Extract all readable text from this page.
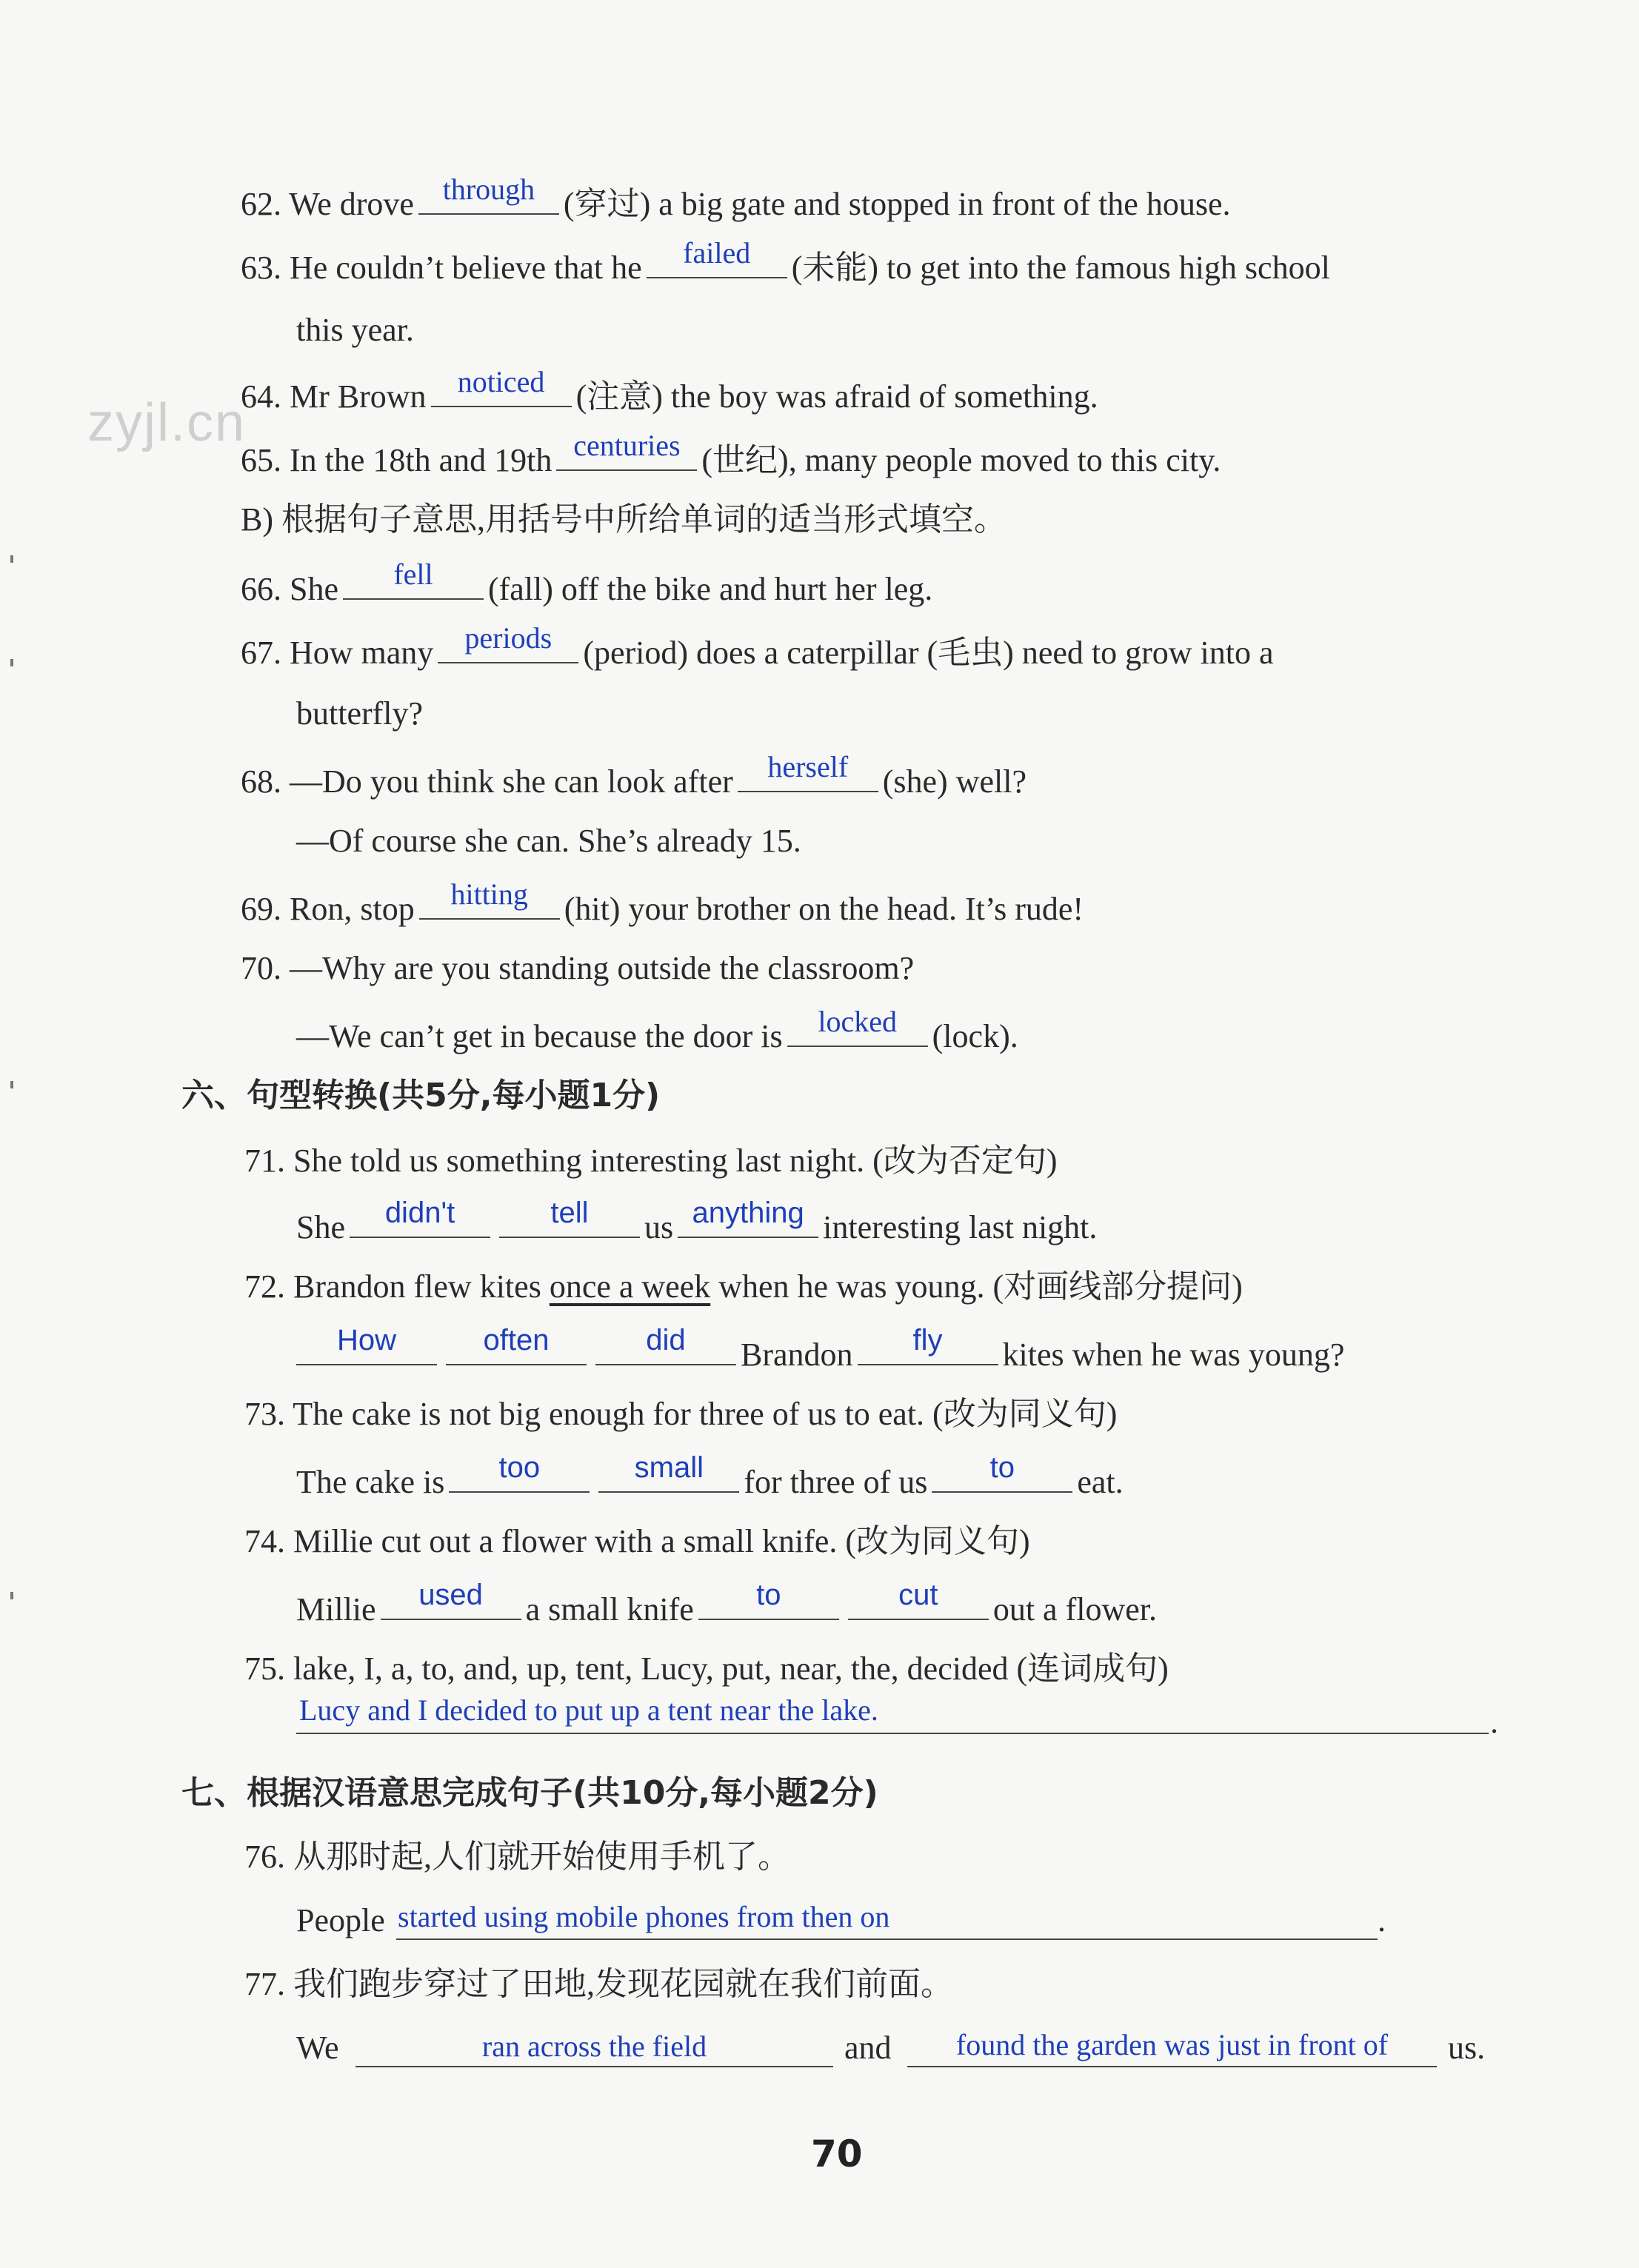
zyjl.cn
62. We drove through (穿过) a big gate and stopped in front of the house.
63. He couldn’t believe that he	failed	(未能) to get into the famous high school
this year.
64. Mr Brown	noticed (注意) the boy was afraid of something.
65. In the 18th and 19th centuries (世纪), many people moved to this city.
B) 根据句子意思,用括号中所给单词的适当形式填空。
66. She	fell	(fall) off the bike and hurt her leg.
67. How many	periods (period) does a caterpillar (毛虫) need to grow into a
butterfly?
68. —Do you think she can look after	herself	(she) well?
—Of course she can. She’s already 15.
69. Ron, stop	hitting	(hit) your brother on the head. It’s rude!
70. —Why are you standing outside the classroom?
—We can’t get in because the door is	locked	(lock).
六、句型转换(共5分,每小题1分)
71. She told us something interesting last night. (改为否定句)
She	didn't	tell	us anything interesting last night.
72. Brandon flew kites once a week when he was young. (对画线部分提问)
How	often	did	Brandon	fly	kites when he was young?
73. The cake is not big enough for three of us to eat. (改为同义句)
The cake is	too	small	for three of us	to	eat.
74. Millie cut out a flower with a small knife. (改为同义句)
Millie	used	a small knife	to	cut	out a flower.
75. lake, I, a, to, and, up, tent, Lucy, put, near, the, decided (连词成句)
Lucy and I decided to put up a tent near the lake.	.
七、根据汉语意思完成句子(共10分,每小题2分)
76. 从那时起,人们就开始使用手机了。
People started using mobile phones from then on	.
77. 我们跑步穿过了田地,发现花园就在我们前面。
We	ran across the field	and	found the garden was just in front of	us.
70
